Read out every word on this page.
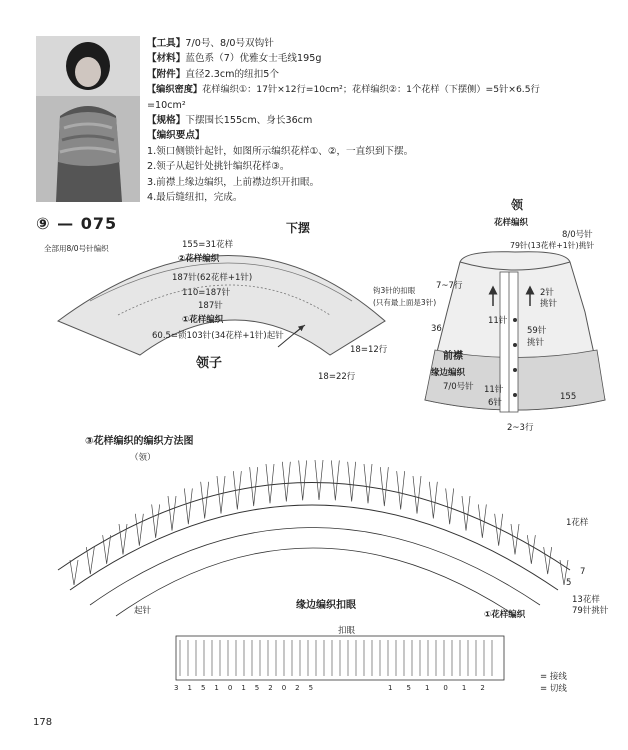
【工具】7/0号、8/0号双钩针
【材料】蓝色系（7）优雅女士毛线195g
【附件】直径2.3cm的纽扣5个
【编织密度】花样编织①：17针×12行=10cm²；花样编织②：1个花样（下摆侧）=5针×6.5行
=10cm²
【规格】下摆围长155cm、身长36cm
【编织要点】
1.领口侧锁针起针，如图所示编织花样①、②，一直织到下摆。
2.领子从起针处挑针编织花样③。
3.前襟上缘边编织，上前襟边织开扣眼。
4.最后缝纽扣，完成。
⑨ — 075	下摆
全部用8/0号针编织	155=31花样
②花样编织
187针(62花样+1针)
110=187针
187针
①花样编织
60.5=锁103针(34花样+1针)起针
领子
18=12行
18=22行
领
花样编织
8/0号针
79针(13花样+1针)挑针
钩3针的扣眼
(只有最上面是3针)
7~7行
2针
挑针
11针
59针
挑针
36
前襟
缘边编织
7/0号针 11针
6针
155
2~3行
③花样编织的编织方法图
（领）
1花样
7
5
13花样
79针挑针
起针	缘边编织扣眼
①花样编织
扣眼
31510152025	151012
= 接线
= 切线
178
